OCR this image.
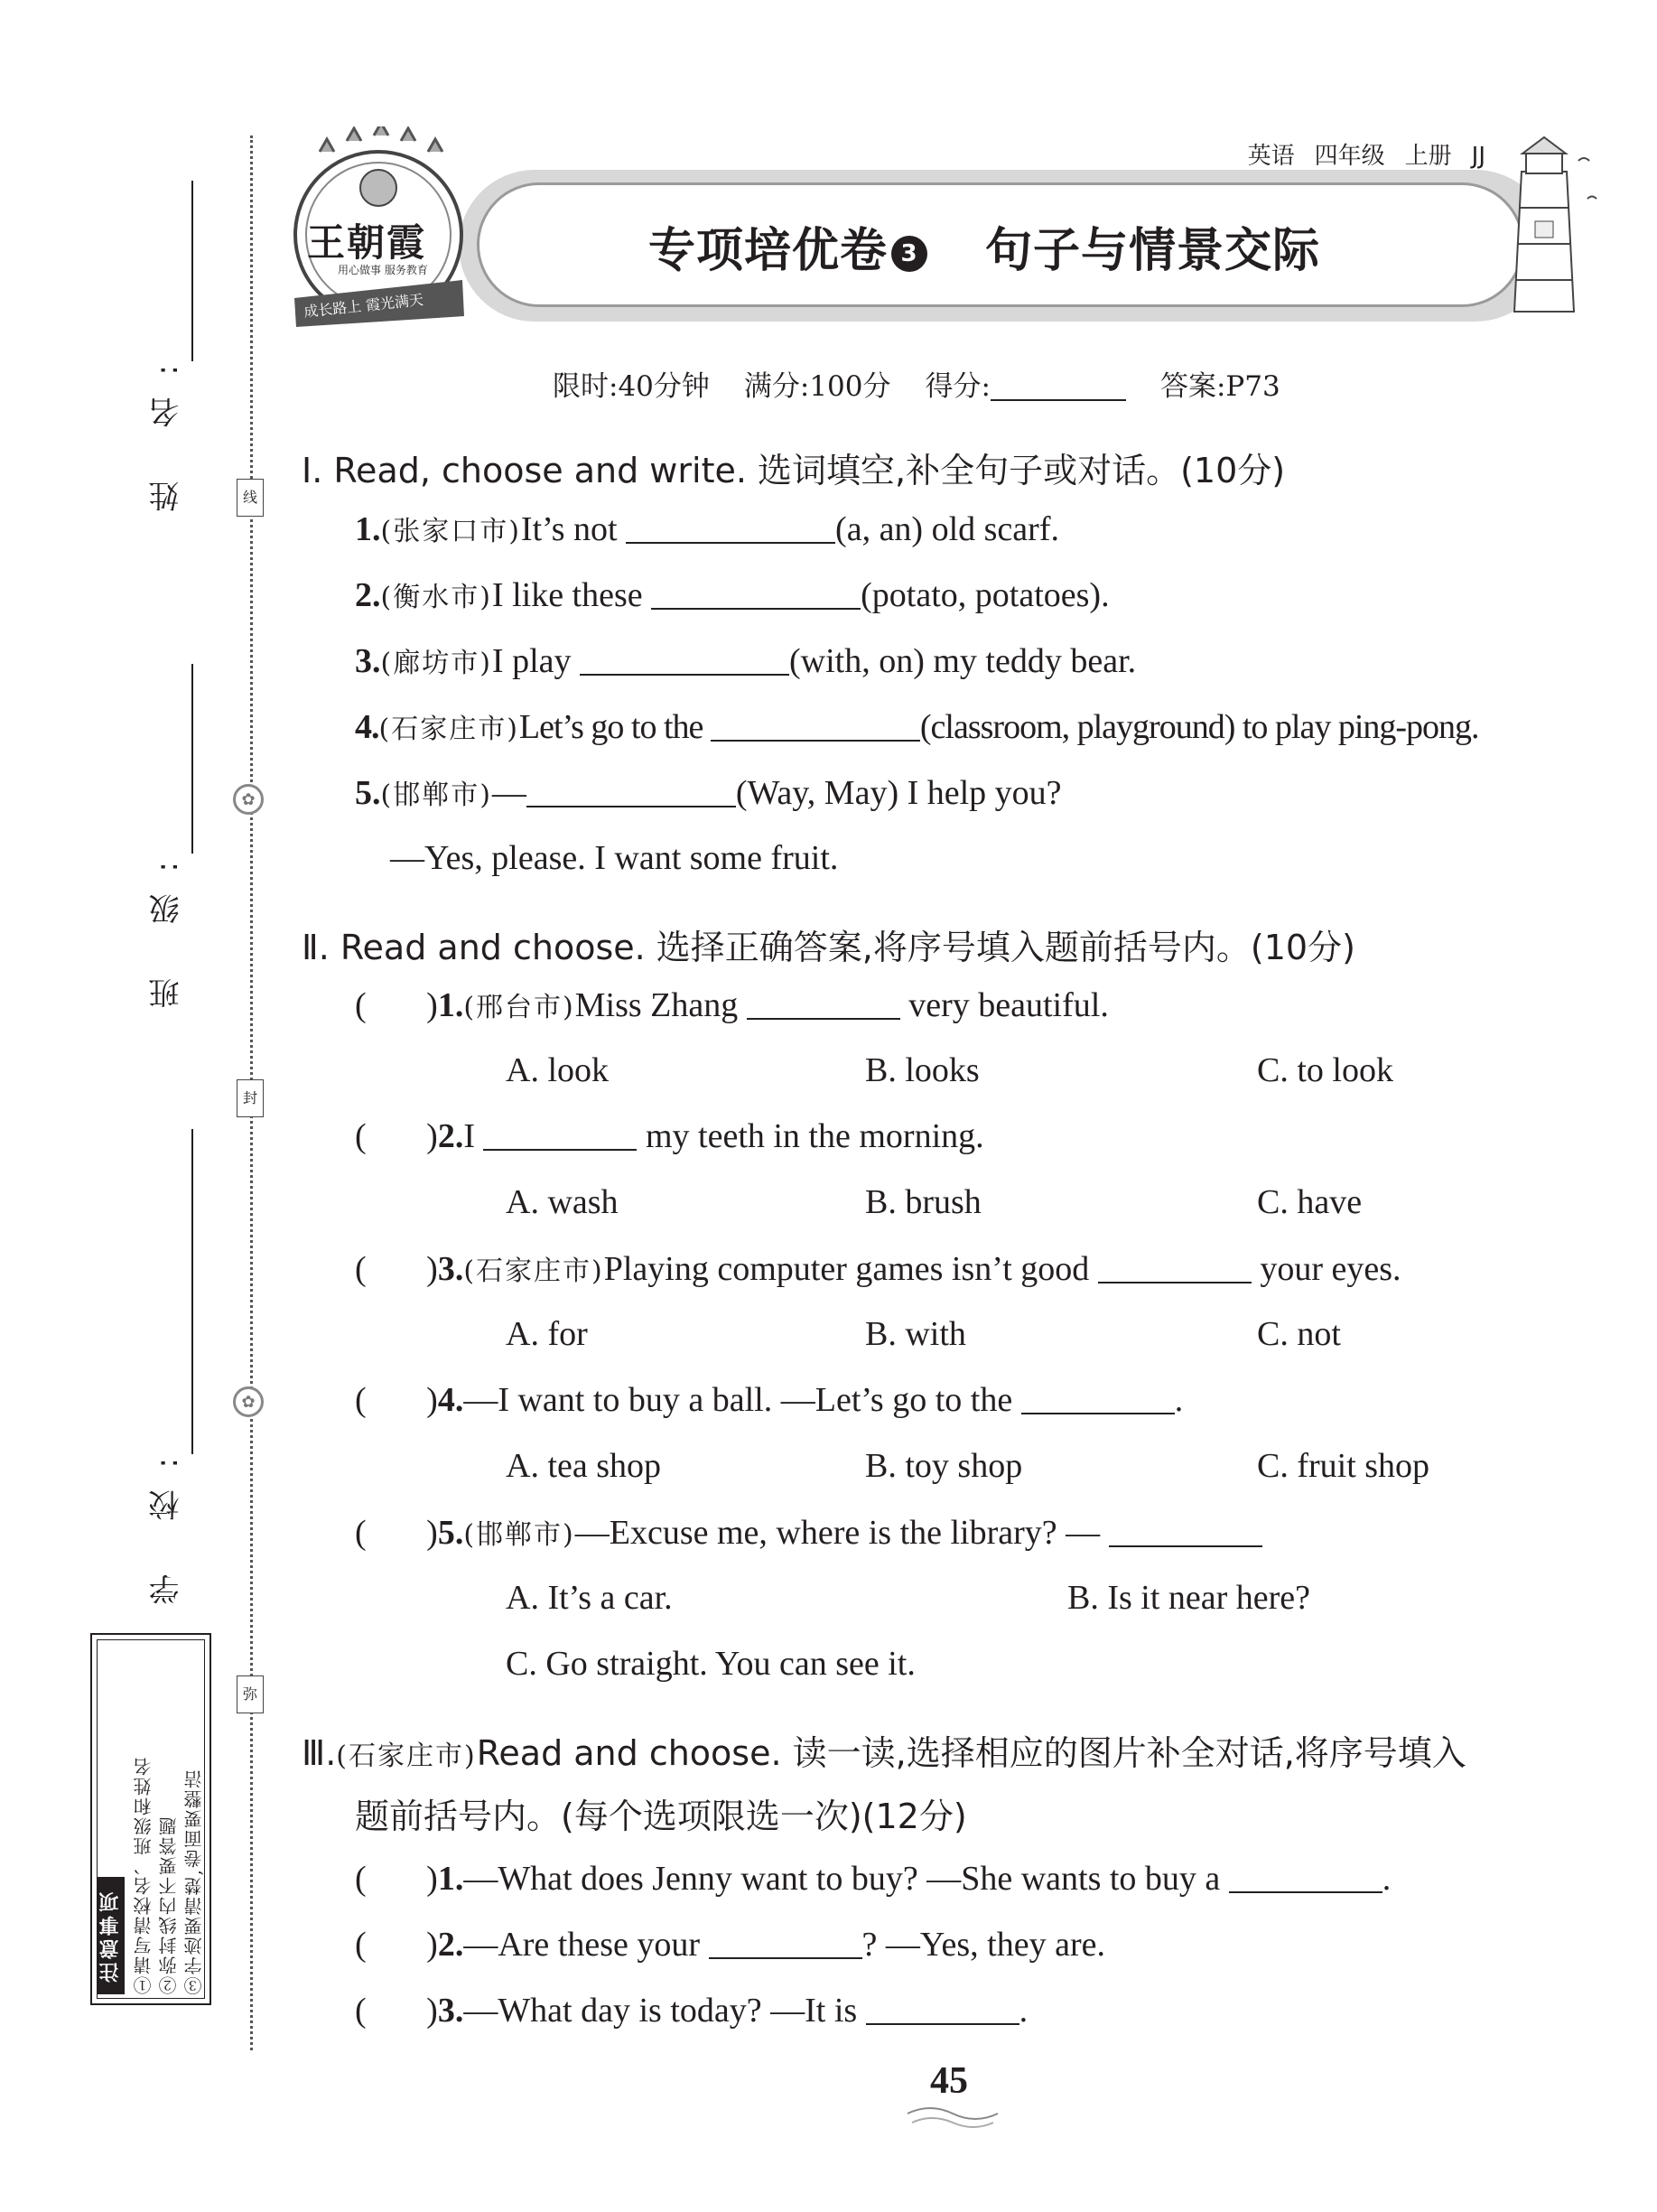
姓 名:
班 级:
学 校:
线
✿
封
✿
弥
注意事项 ①请写清校名、班级和姓名 ②弥封线内不要答题 ③字迹要清楚,卷面要整洁
英语 四年级 上册 JJ
专项培优卷 3 句子与情景交际
王朝霞
用心做事 服务教育
成长路上 霞光满天
限时:40分钟 满分:100分 得分:	答案:P73
Ⅰ. Read, choose and write. 选词填空,补全句子或对话。(10分)
1.(张家口市)It’s not	(a, an) old scarf.
2.(衡水市)I like these	(potato, potatoes).
3.(廊坊市)I play	(with, on) my teddy bear.
4.(石家庄市)Let’s go to the	(classroom, playground) to play ping-pong.
5.(邯郸市)—	(Way, May) I help you?
—Yes, please. I want some fruit.
Ⅱ. Read and choose. 选择正确答案,将序号填入题前括号内。(10分)
(       )1.(邢台市)Miss Zhang	very beautiful.
A. look	B. looks	C. to look
(       )2.I	my teeth in the morning.
A. wash	B. brush	C. have
(       )3.(石家庄市)Playing computer games isn’t good	your eyes.
A. for	B. with	C. not
(       )4.—I want to buy a ball. —Let’s go to the	.
A. tea shop	B. toy shop	C. fruit shop
(       )5.(邯郸市)—Excuse me, where is the library? —
A. It’s a car.	B. Is it near here?
C. Go straight. You can see it.
Ⅲ.(石家庄市)Read and choose. 读一读,选择相应的图片补全对话,将序号填入
题前括号内。(每个选项限选一次)(12分)
(       )1.—What does Jenny want to buy? —She wants to buy a	.
(       )2.—Are these your	? —Yes, they are.
(       )3.—What day is today? —It is	.
45
